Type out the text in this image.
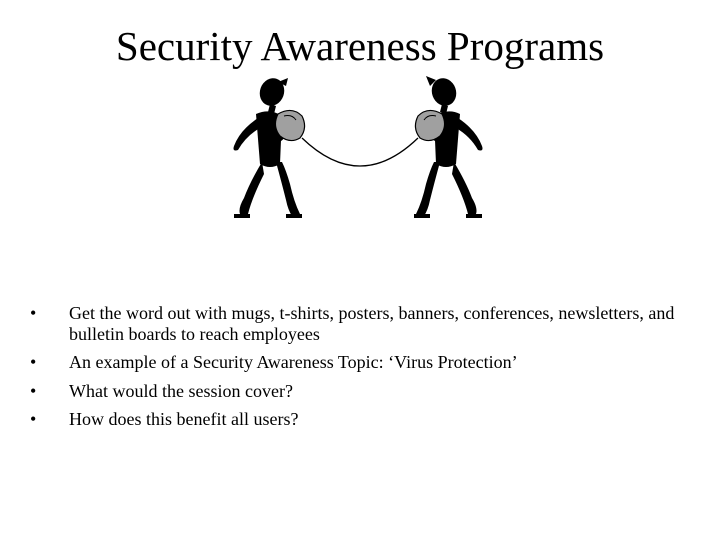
Security Awareness Programs
• Get the word out with mugs, t-shirts, posters, banners, conferences, newsletters, and bulletin boards to reach employees
• An example of a Security Awareness Topic: ‘Virus Protection’
• What would the session cover?
• How does this benefit all users?
